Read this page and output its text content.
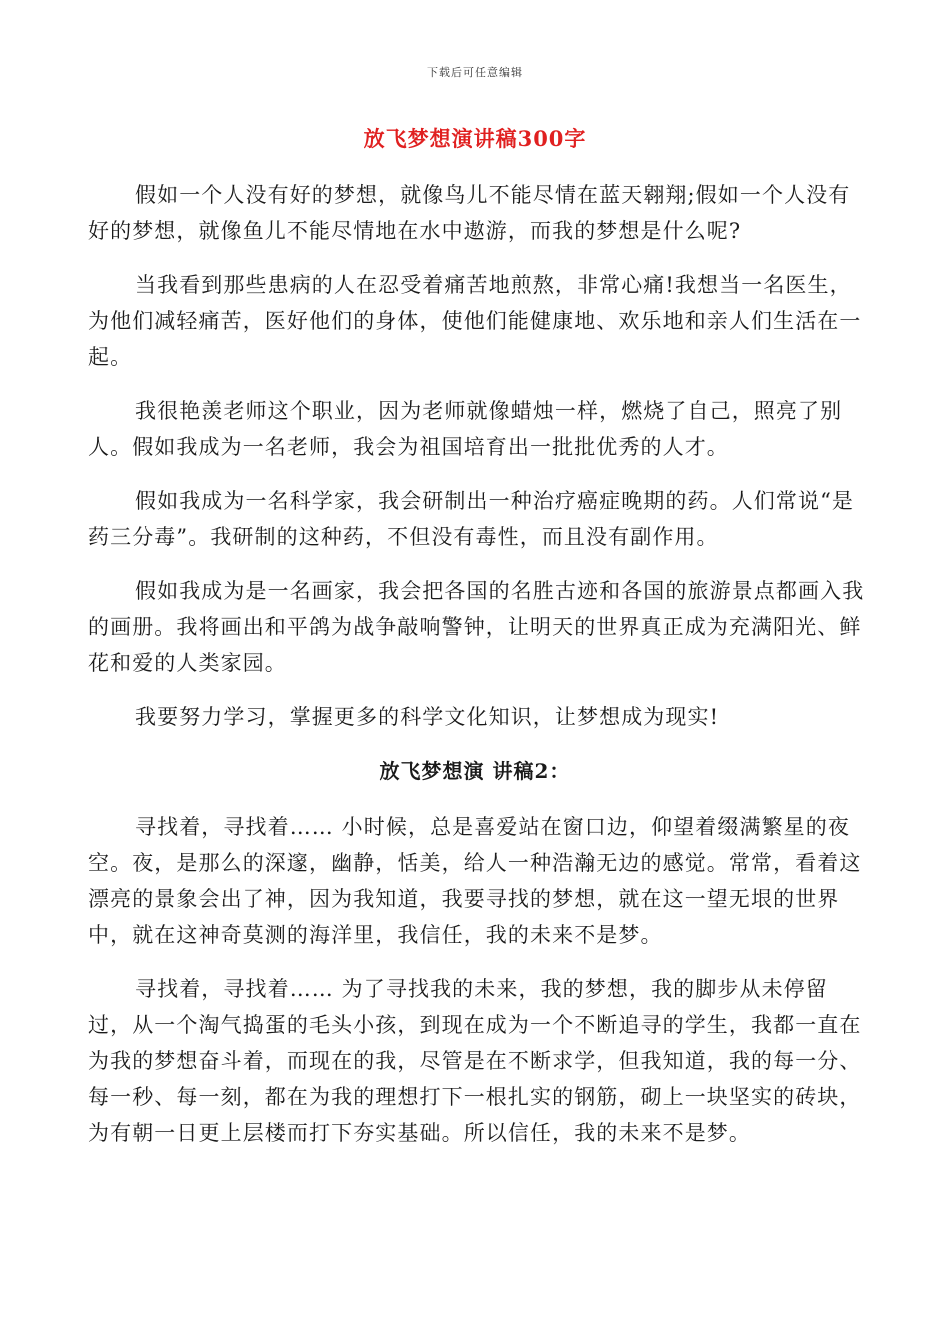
下载后可任意编辑
放飞梦想演讲稿300字

假如一个人没有好的梦想，就像鸟儿不能尽情在蓝天翱翔;假如一个人没有好的梦想，就像鱼儿不能尽情地在水中遨游，而我的梦想是什么呢?

当我看到那些患病的人在忍受着痛苦地煎熬，非常心痛!我想当一名医生，为他们减轻痛苦，医好他们的身体，使他们能健康地、欢乐地和亲人们生活在一起。

我很艳羡老师这个职业，因为老师就像蜡烛一样，燃烧了自己，照亮了别人。假如我成为一名老师，我会为祖国培育出一批批优秀的人才。

假如我成为一名科学家，我会研制出一种治疗癌症晚期的药。人们常说“是药三分毒”。我研制的这种药，不但没有毒性，而且没有副作用。

假如我成为是一名画家，我会把各国的名胜古迹和各国的旅游景点都画入我的画册。我将画出和平鸽为战争敲响警钟，让明天的世界真正成为充满阳光、鲜花和爱的人类家园。

我要努力学习，掌握更多的科学文化知识，让梦想成为现实!

放飞梦想演 讲稿2：

寻找着，寻找着…… 小时候，总是喜爱站在窗口边，仰望着缀满繁星的夜空。夜，是那么的深邃，幽静，恬美，给人一种浩瀚无边的感觉。常常，看着这漂亮的景象会出了神，因为我知道，我要寻找的梦想，就在这一望无垠的世界中，就在这神奇莫测的海洋里，我信任，我的未来不是梦。

寻找着，寻找着…… 为了寻找我的未来，我的梦想，我的脚步从未停留过，从一个淘气捣蛋的毛头小孩，到现在成为一个不断追寻的学生，我都一直在为我的梦想奋斗着，而现在的我，尽管是在不断求学，但我知道，我的每一分、每一秒、每一刻，都在为我的理想打下一根扎实的钢筋，砌上一块坚实的砖块，为有朝一日更上层楼而打下夯实基础。所以信任，我的未来不是梦。
